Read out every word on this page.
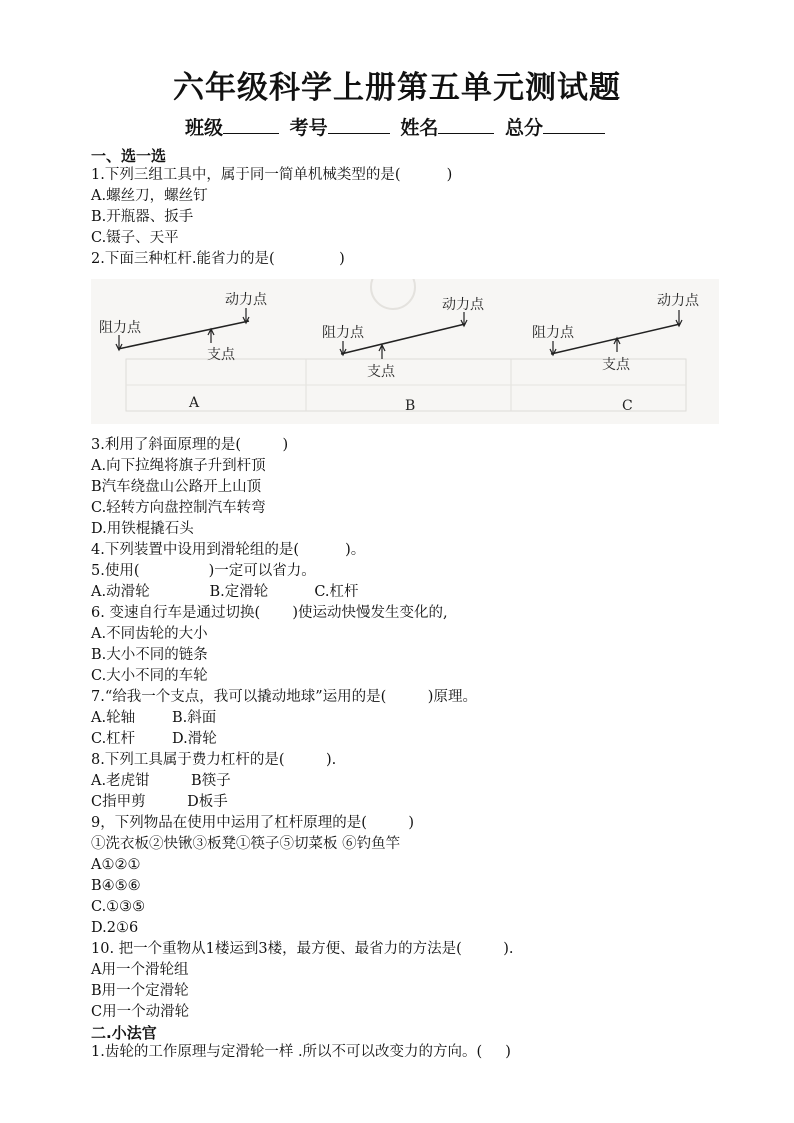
六年级科学上册第五单元测试题
班级	考号	姓名	总分
一、选一选
1.下列三组工具中，属于同一简单机械类型的是(          )
A.螺丝刀，螺丝钉
B.开瓶器、扳手
C.镊子、天平
2.下面三种杠杆.能省力的是(              )
阻力点
动力点
支点
A
阻力点
动力点
支点
B
阻力点
动力点
支点
C
3.利用了斜面原理的是(         )
A.向下拉绳将旗子升到杆顶
B汽车绕盘山公路开上山顶
C.轻转方向盘控制汽车转弯
D.用铁棍撬石头
4.下列装置中设用到滑轮组的是(          )。
5.使用(               )一定可以省力。
A.动滑轮             B.定滑轮          C.杠杆
6. 变速自行车是通过切换(       )使运动快慢发生变化的,
A.不同齿轮的大小
B.大小不同的链条
C.大小不同的车轮
7.“给我一个支点，我可以撬动地球”运用的是(         )原理。
A.轮轴        B.斜面
C.杠杆        D.滑轮
8.下列工具属于费力杠杆的是(         ).
A.老虎钳         B筷子
C指甲剪         D板手
9，下列物品在使用中运用了杠杆原理的是(         )
①洗衣板②快锹③板凳①筷子⑤切菜板 ⑥钓鱼竿
A①②①
B④⑤⑥
C.①③⑤
D.2①6
10. 把一个重物从1楼运到3楼，最方便、最省力的方法是(         ).
A用一个滑轮组
B用一个定滑轮
C用一个动滑轮
二.小法官
1.齿轮的工作原理与定滑轮一样 .所以不可以改变力的方向。(     )
